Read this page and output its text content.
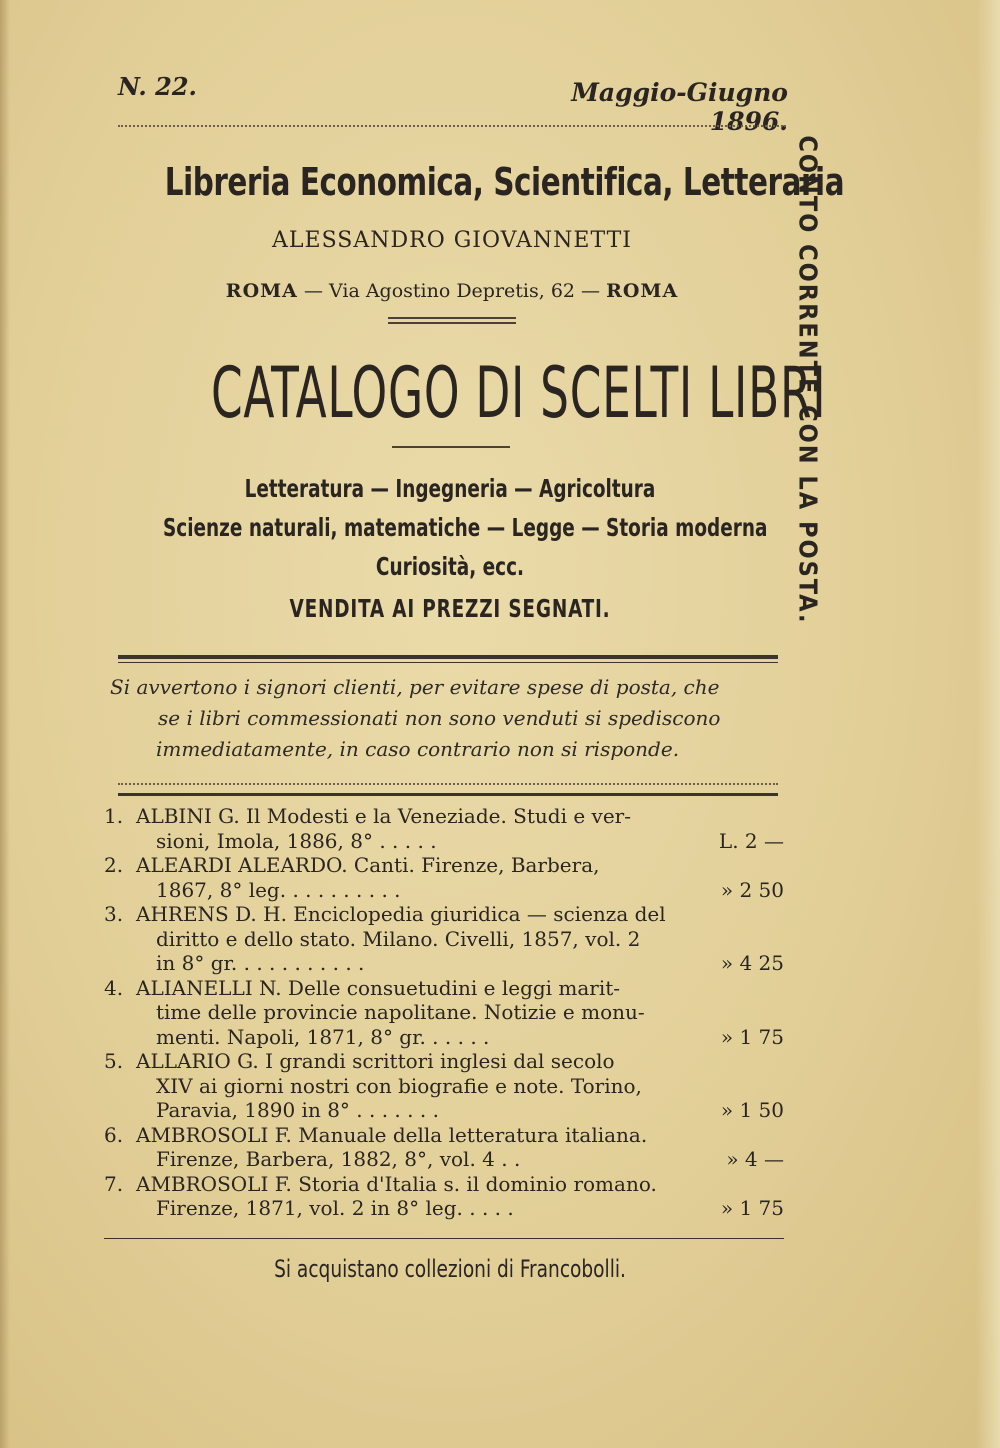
N. 22.	Maggio-Giugno 1896.
Libreria Economica, Scientifica, Letteraria
ALESSANDRO GIOVANNETTI
ROMA — Via Agostino Depretis, 62 — ROMA
CATALOGO DI SCELTI LIBRI
Letteratura — Ingegneria — Agricoltura
Scienze naturali, matematiche — Legge — Storia moderna
Curiosità, ecc.
VENDITA AI PREZZI SEGNATI.
Si avvertono i signori clienti, per evitare spese di posta, che
se i libri commessionati non sono venduti si spediscono
immediatamente, in caso contrario non si risponde.
1. ALBINI G. Il Modesti e la Veneziade. Studi e ver-
sioni, Imola, 1886, 8° . . . . .	L. 2 —
2. ALEARDI ALEARDO. Canti. Firenze, Barbera,
1867, 8° leg. . . . . . . . . .	» 2 50
3. AHRENS D. H. Enciclopedia giuridica — scienza del
diritto e dello stato. Milano. Civelli, 1857, vol. 2
in 8° gr. . . . . . . . . . .	» 4 25
4. ALIANELLI N. Delle consuetudini e leggi marit-
time delle provincie napolitane. Notizie e monu-
menti. Napoli, 1871, 8° gr. . . . . .	» 1 75
5. ALLARIO G. I grandi scrittori inglesi dal secolo
XIV ai giorni nostri con biografie e note. Torino,
Paravia, 1890 in 8° . . . . . . .	» 1 50
6. AMBROSOLI F. Manuale della letteratura italiana.
Firenze, Barbera, 1882, 8°, vol. 4 . .	» 4 —
7. AMBROSOLI F. Storia d'Italia s. il dominio romano.
Firenze, 1871, vol. 2 in 8° leg. . . . .	» 1 75
Si acquistano collezioni di Francobolli.
CONTO CORRENTE CON LA POSTA.
